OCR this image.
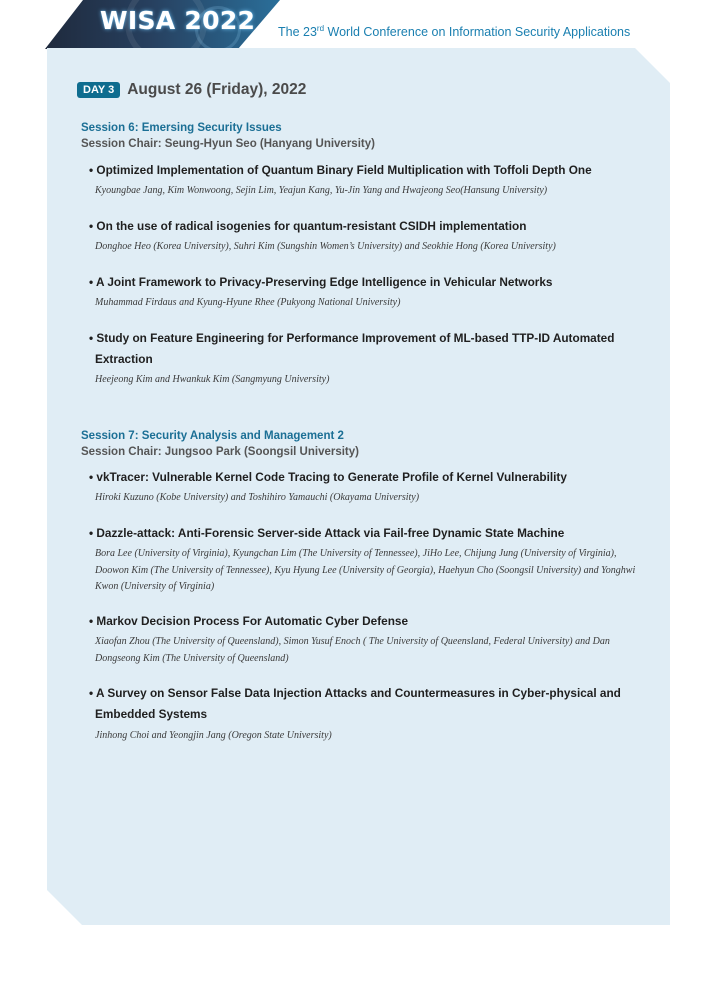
WISA 2022 The 23rd World Conference on Information Security Applications
DAY 3 August 26 (Friday), 2022
Session 6: Emersing Security Issues
Session Chair: Seung-Hyun Seo (Hanyang University)
• Optimized Implementation of Quantum Binary Field Multiplication with Toffoli Depth One
Kyoungbae Jang, Kim Wonwoong, Sejin Lim, Yeajun Kang, Yu-Jin Yang and Hwajeong Seo(Hansung University)
• On the use of radical isogenies for quantum-resistant CSIDH implementation
Donghoe Heo (Korea University), Suhri Kim (Sungshin Women’s University) and Seokhie Hong (Korea University)
• A Joint Framework to Privacy-Preserving Edge Intelligence in Vehicular Networks
Muhammad Firdaus and Kyung-Hyune Rhee (Pukyong National University)
• Study on Feature Engineering for Performance Improvement of ML-based TTP-ID Automated Extraction
Heejeong Kim and Hwankuk Kim (Sangmyung University)
Session 7: Security Analysis and Management 2
Session Chair: Jungsoo Park (Soongsil University)
• vkTracer: Vulnerable Kernel Code Tracing to Generate Profile of Kernel Vulnerability
Hiroki Kuzuno (Kobe University) and Toshihiro Yamauchi (Okayama University)
• Dazzle-attack: Anti-Forensic Server-side Attack via Fail-free Dynamic State Machine
Bora Lee (University of Virginia), Kyungchan Lim (The University of Tennessee), JiHo Lee, Chijung Jung (University of Virginia), Doowon Kim (The University of Tennessee), Kyu Hyung Lee (University of Georgia), Haehyun Cho (Soongsil University) and Yonghwi Kwon (University of Virginia)
• Markov Decision Process For Automatic Cyber Defense
Xiaofan Zhou (The University of Queensland), Simon Yusuf Enoch ( The University of Queensland, Federal University) and Dan Dongseong Kim (The University of Queensland)
• A Survey on Sensor False Data Injection Attacks and Countermeasures in Cyber-physical and Embedded Systems
Jinhong Choi and Yeongjin Jang (Oregon State University)
